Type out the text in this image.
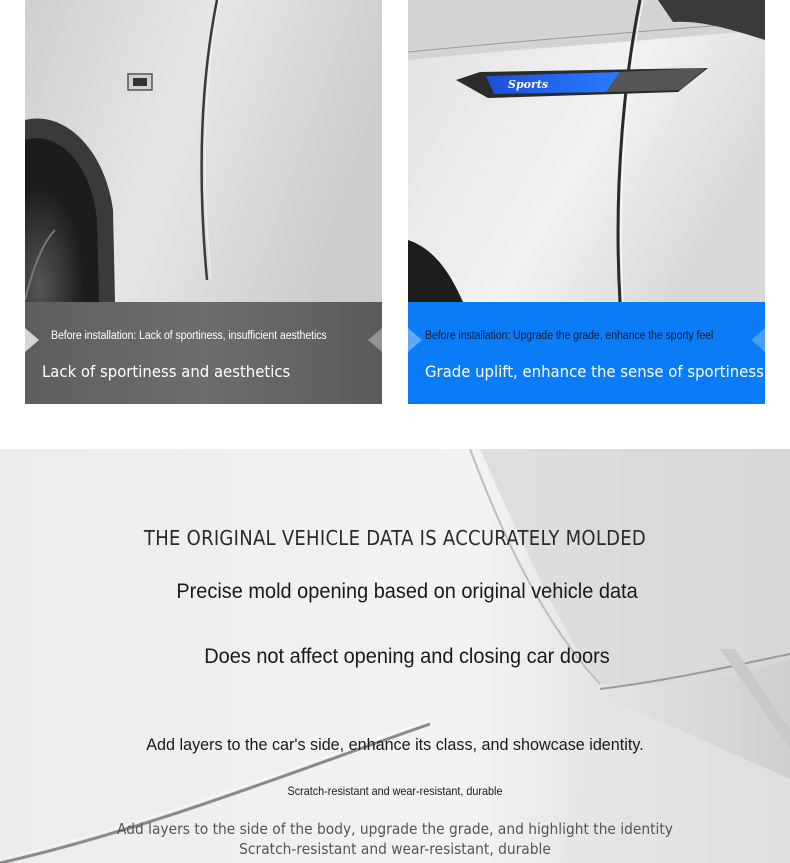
Before installation: Lack of sportiness, insufficient aesthetics
Lack of sportiness and aesthetics
Sports
Before installation: Upgrade the grade, enhance the sporty feel
Grade uplift, enhance the sense of sportiness
THE ORIGINAL VEHICLE DATA IS ACCURATELY MOLDED
Precise mold opening based on original vehicle data
Does not affect opening and closing car doors
Add layers to the car's side, enhance its class, and showcase identity.
Scratch-resistant and wear-resistant, durable
Add layers to the side of the body, upgrade the grade, and highlight the identity
Scratch-resistant and wear-resistant, durable
